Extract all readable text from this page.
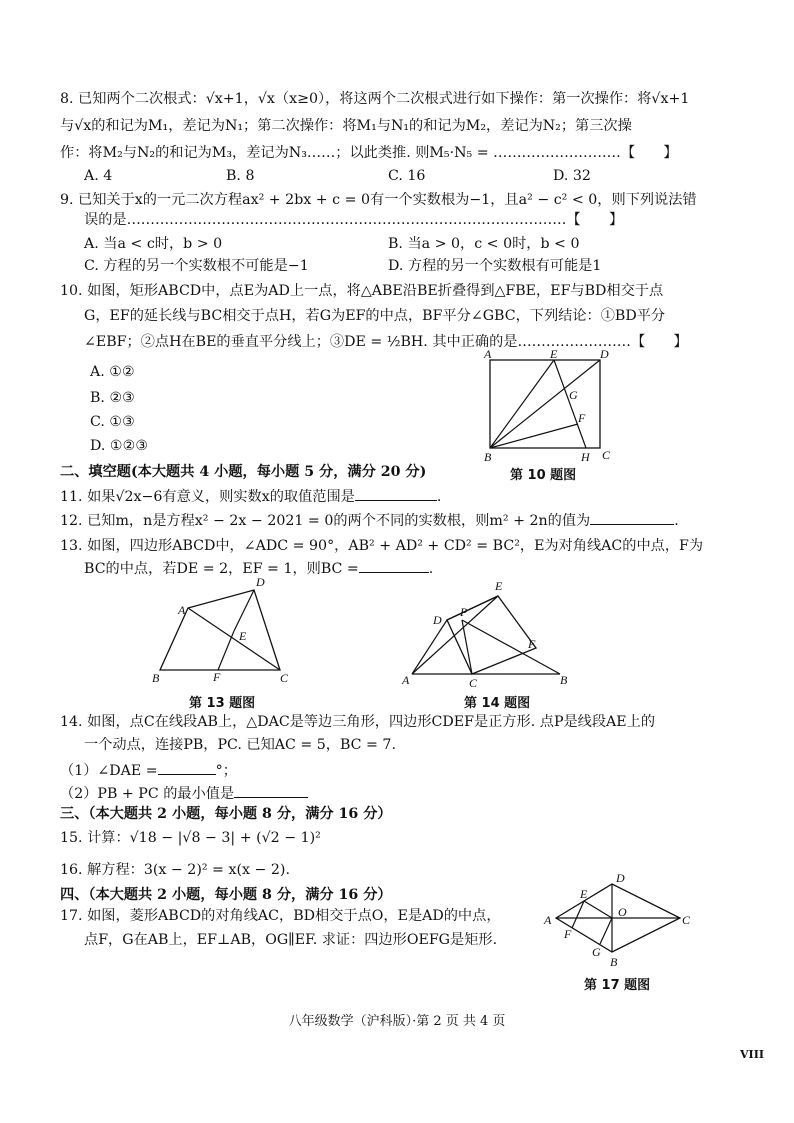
8. 已知两个二次根式：√x+1，√x（x≥0），将这两个二次根式进行如下操作：第一次操作：将√x+1
与√x的和记为M₁，差记为N₁；第二次操作：将M₁与N₁的和记为M₂，差记为N₂；第三次操
作：将M₂与N₂的和记为M₃，差记为N₃……；以此类推. 则M₅·N₅ = ………………………【　　】
A. 4	B. 8	C. 16	D. 32
9. 已知关于x的一元二次方程ax² + 2bx + c = 0有一个实数根为−1，且a² − c² < 0，则下列说法错
误的是…………………………………………………………………………………【　　】
A. 当a < c时，b > 0	B. 当a > 0，c < 0时，b < 0
C. 方程的另一个实数根不可能是−1	D. 方程的另一个实数根有可能是1
10. 如图，矩形ABCD中，点E为AD上一点，将△ABE沿BE折叠得到△FBE，EF与BD相交于点
G，EF的延长线与BC相交于点H，若G为EF的中点，BF平分∠GBC，下列结论：①BD平分
∠EBF；②点H在BE的垂直平分线上；③DE = ½BH. 其中正确的是……………………【　　】
A. ①②
B. ②③
C. ①③
D. ①②③
A	E	D
G
F
B	H C
第 10 题图
二、填空题(本大题共 4 小题，每小题 5 分，满分 20 分)
11. 如果√2x−6有意义，则实数x的取值范围是	.
12. 已知m，n是方程x² − 2x − 2021 = 0的两个不同的实数根，则m² + 2n的值为	.
13. 如图，四边形ABCD中，∠ADC = 90°，AB² + AD² + CD² = BC²，E为对角线AC的中点，F为
BC的中点，若DE = 2，EF = 1，则BC =	.
D
A
E
B	F	C
第 13 题图
E
D
P
F
A	C	B
第 14 题图
14. 如图，点C在线段AB上，△DAC是等边三角形，四边形CDEF是正方形. 点P是线段AE上的
一个动点，连接PB，PC. 已知AC = 5，BC = 7.
（1）∠DAE =	°；
（2）PB + PC 的最小值是
三、（本大题共 2 小题，每小题 8 分，满分 16 分）
15. 计算：√18 − |√8 − 3| + (√2 − 1)²
16. 解方程：3(x − 2)² = x(x − 2).
四、（本大题共 2 小题，每小题 8 分，满分 16 分）
17. 如图，菱形ABCD的对角线AC，BD相交于点O，E是AD的中点，
点F，G在AB上，EF⊥AB，OG∥EF. 求证：四边形OEFG是矩形.
D
E
O
A	C
F
G
B
第 17 题图
八年级数学（沪科版）·第 2 页 共 4 页
VIII
